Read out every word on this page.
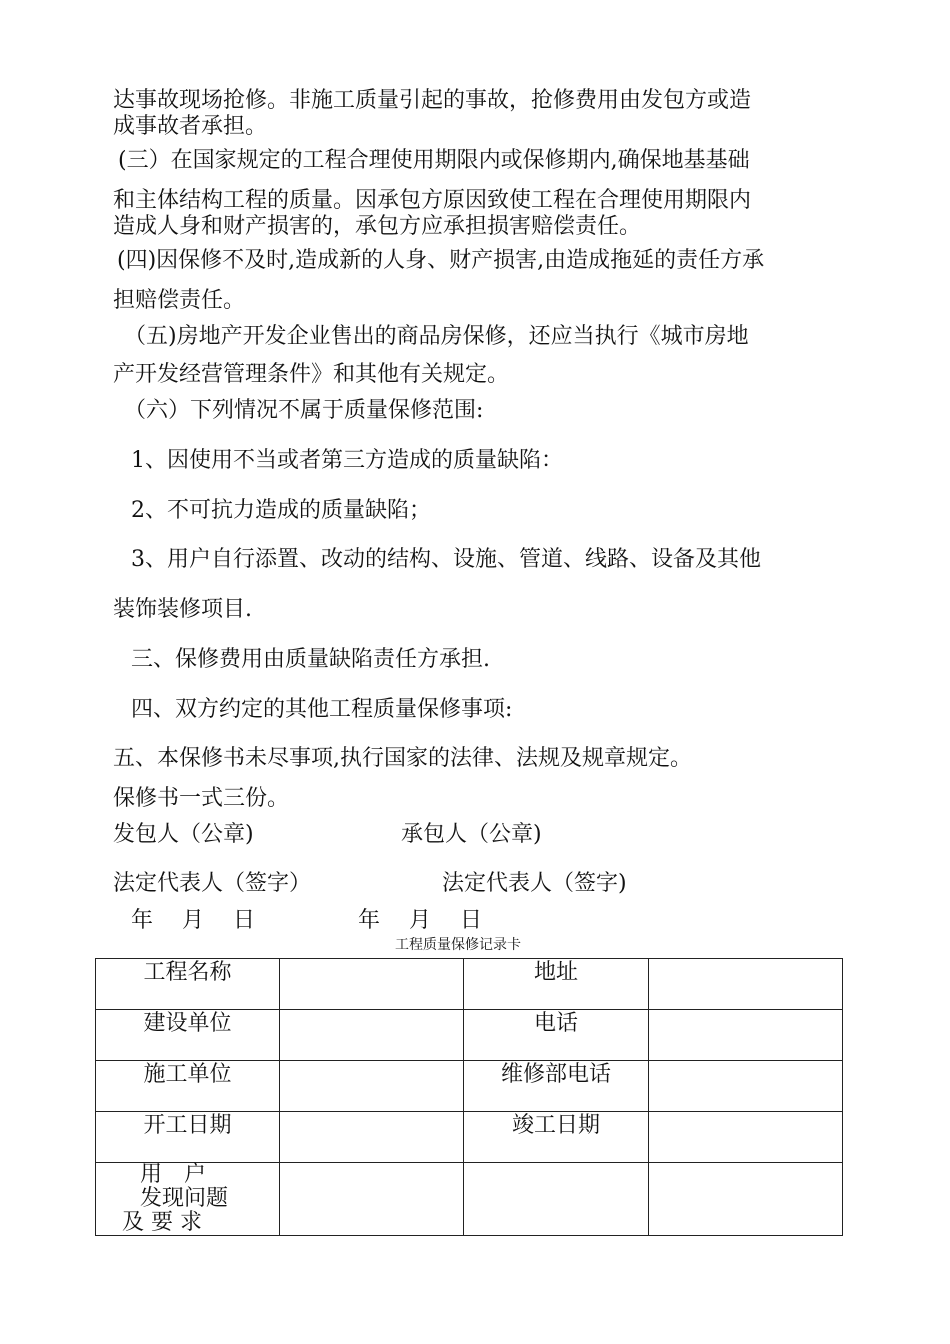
达事故现场抢修。非施工质量引起的事故，抢修费用由发包方或造
成事故者承担。
(三）在国家规定的工程合理使用期限内或保修期内,确保地基基础
和主体结构工程的质量。因承包方原因致使工程在合理使用期限内
造成人身和财产损害的，承包方应承担损害赔偿责任。
(四)因保修不及时,造成新的人身、财产损害,由造成拖延的责任方承
担赔偿责任。
（五)房地产开发企业售出的商品房保修，还应当执行《城市房地
产开发经营管理条件》和其他有关规定。
（六）下列情况不属于质量保修范围:
1、因使用不当或者第三方造成的质量缺陷：
2、不可抗力造成的质量缺陷；
3、用户自行添置、改动的结构、设施、管道、线路、设备及其他
装饰装修项目.
三、保修费用由质量缺陷责任方承担.
四、双方约定的其他工程质量保修事项:
五、本保修书未尽事项,执行国家的法律、法规及规章规定。
保修书一式三份。
发包人（公章)	承包人（公章)
法定代表人（签字）	法定代表人（签字)
年　 月　 日	年　 月　 日
工程质量保修记录卡
工程名称		地址	
建设单位		电话	
施工单位		维修部电话	
开工日期		竣工日期	

用　户
发现问题
及 要 求			
